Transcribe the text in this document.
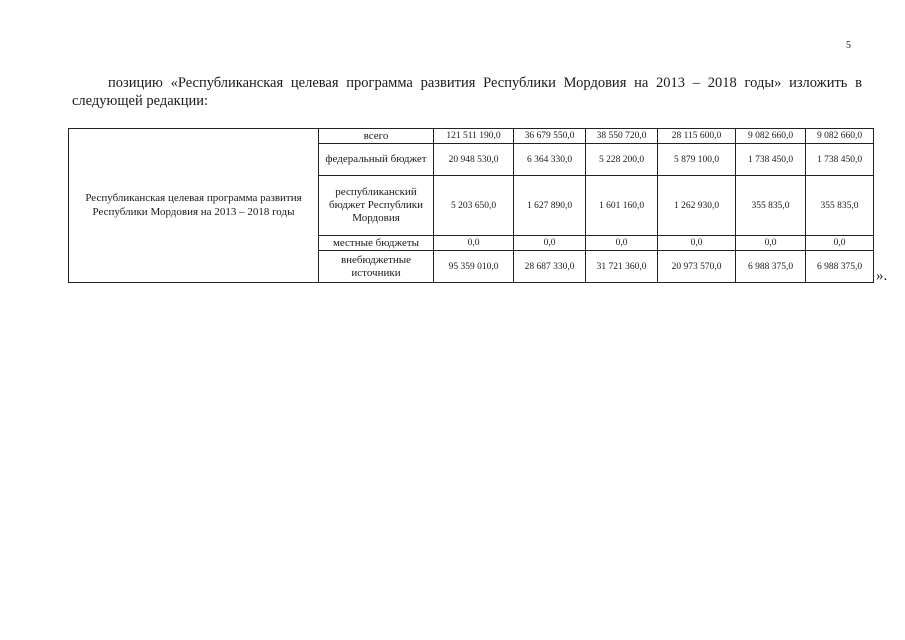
5
позицию «Республиканская целевая программа развития Республики Мордовия на 2013 – 2018 годы» изложить в следующей редакции:
Республиканская целевая программа развития Республики Мордовия на 2013 – 2018 годы	всего	121 511 190,0	36 679 550,0	38 550 720,0	28 115 600,0	9 082 660,0	9 082 660,0
	федеральный бюджет	20 948 530,0	6 364 330,0	5 228 200,0	5 879 100,0	1 738 450,0	1 738 450,0
	республиканский бюджет Республики Мордовия	5 203 650,0	1 627 890,0	1 601 160,0	1 262 930,0	355 835,0	355 835,0
	местные бюджеты	0,0	0,0	0,0	0,0	0,0	0,0
	внебюджетные источники	95 359 010,0	28 687 330,0	31 721 360,0	20 973 570,0	6 988 375,0	6 988 375,0
».
